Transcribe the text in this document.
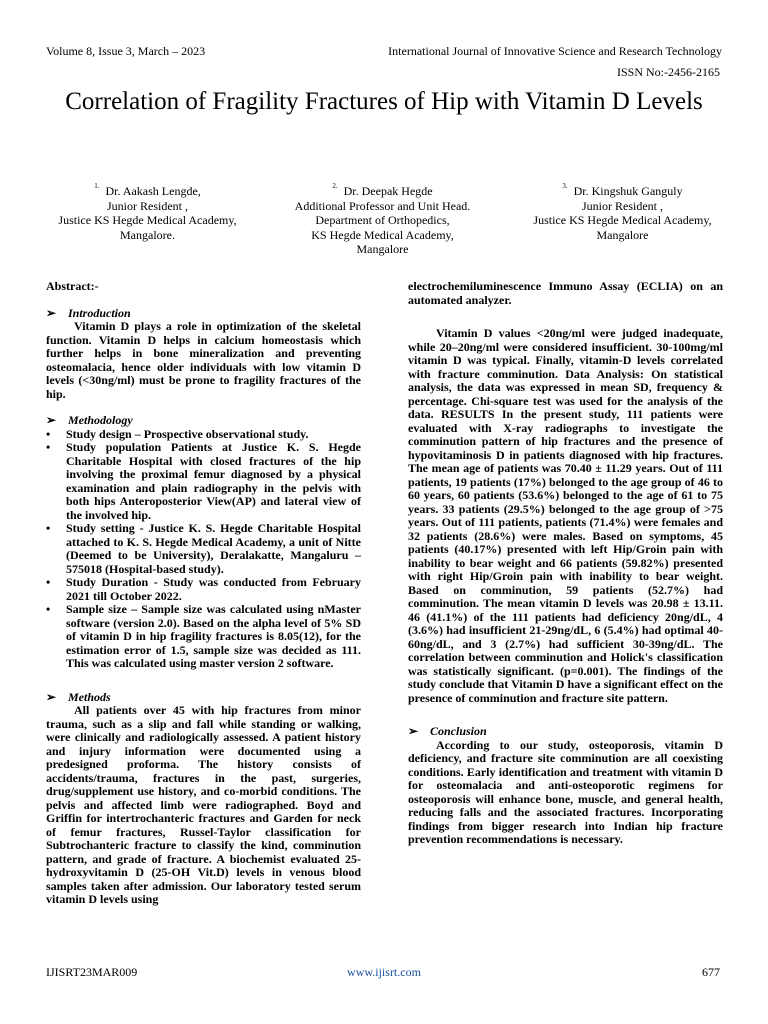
Volume 8, Issue 3, March – 2023	International Journal of Innovative Science and Research Technology
ISSN No:-2456-2165
Correlation of Fragility Fractures of Hip with Vitamin D Levels
$^{1.}$ Dr. Aakash Lengde,
Junior Resident ,
Justice KS Hegde Medical Academy,
Mangalore.
$^{2.}$ Dr. Deepak Hegde
Additional Professor and Unit Head.
Department of Orthopedics,
KS Hegde Medical Academy,
Mangalore
$^{3.}$ Dr. Kingshuk Ganguly
Junior Resident ,
Justice KS Hegde Medical Academy,
Mangalore

Abstract:-

➢ Introduction

Vitamin D plays a role in optimization of the skeletal function. Vitamin D helps in calcium homeostasis which further helps in bone mineralization and preventing osteomalacia, hence older individuals with low vitamin D levels (<30ng/ml) must be prone to fragility fractures of the hip.

➢ Methodology

• Study design – Prospective observational study.
• Study population Patients at Justice K. S. Hegde Charitable Hospital with closed fractures of the hip involving the proximal femur diagnosed by a physical examination and plain radiography in the pelvis with both hips Anteroposterior View(AP) and lateral view of the involved hip.
• Study setting - Justice K. S. Hegde Charitable Hospital attached to K. S. Hegde Medical Academy, a unit of Nitte (Deemed to be University), Deralakatte, Mangaluru – 575018 (Hospital-based study).
• Study Duration - Study was conducted from February 2021 till October 2022.
• Sample size – Sample size was calculated using nMaster software (version 2.0). Based on the alpha level of 5% SD of vitamin D in hip fragility fractures is 8.05(12), for the estimation error of 1.5, sample size was decided as 111. This was calculated using master version 2 software.

➢ Methods

All patients over 45 with hip fractures from minor trauma, such as a slip and fall while standing or walking, were clinically and radiologically assessed. A patient history and injury information were documented using a predesigned proforma. The history consists of accidents/trauma, fractures in the past, surgeries, drug/supplement use history, and co-morbid conditions. The pelvis and affected limb were radiographed. Boyd and Griffin for intertrochanteric fractures and Garden for neck of femur fractures, Russel-Taylor classification for Subtrochanteric fracture to classify the kind, comminution pattern, and grade of fracture. A biochemist evaluated 25-hydroxyvitamin D (25-OH Vit.D) levels in venous blood samples taken after admission. Our laboratory tested serum vitamin D levels using

electrochemiluminescence Immuno Assay (ECLIA) on an automated analyzer.

Vitamin D values <20ng/ml were judged inadequate, while 20–20ng/ml were considered insufficient. 30-100mg/ml vitamin D was typical. Finally, vitamin-D levels correlated with fracture comminution. Data Analysis: On statistical analysis, the data was expressed in mean SD, frequency & percentage. Chi-square test was used for the analysis of the data. RESULTS In the present study, 111 patients were evaluated with X-ray radiographs to investigate the comminution pattern of hip fractures and the presence of hypovitaminosis D in patients diagnosed with hip fractures. The mean age of patients was 70.40 ± 11.29 years. Out of 111 patients, 19 patients (17%) belonged to the age group of 46 to 60 years, 60 patients (53.6%) belonged to the age of 61 to 75 years. 33 patients (29.5%) belonged to the age group of >75 years. Out of 111 patients, patients (71.4%) were females and 32 patients (28.6%) were males. Based on symptoms, 45 patients (40.17%) presented with left Hip/Groin pain with inability to bear weight and 66 patients (59.82%) presented with right Hip/Groin pain with inability to bear weight. Based on comminution, 59 patients (52.7%) had comminution. The mean vitamin D levels was 20.98 ± 13.11. 46 (41.1%) of the 111 patients had deficiency 20ng/dL, 4 (3.6%) had insufficient 21-29ng/dL, 6 (5.4%) had optimal 40-60ng/dL, and 3 (2.7%) had sufficient 30-39ng/dL. The correlation between comminution and Holick's classification was statistically significant. (p=0.001). The findings of the study conclude that Vitamin D have a significant effect on the presence of comminution and fracture site pattern.

➢ Conclusion

According to our study, osteoporosis, vitamin D deficiency, and fracture site comminution are all coexisting conditions. Early identification and treatment with vitamin D for osteomalacia and anti-osteoporotic regimens for osteoporosis will enhance bone, muscle, and general health, reducing falls and the associated fractures. Incorporating findings from bigger research into Indian hip fracture prevention recommendations is necessary.

IJISRT23MAR009	www.ijisrt.com	677
